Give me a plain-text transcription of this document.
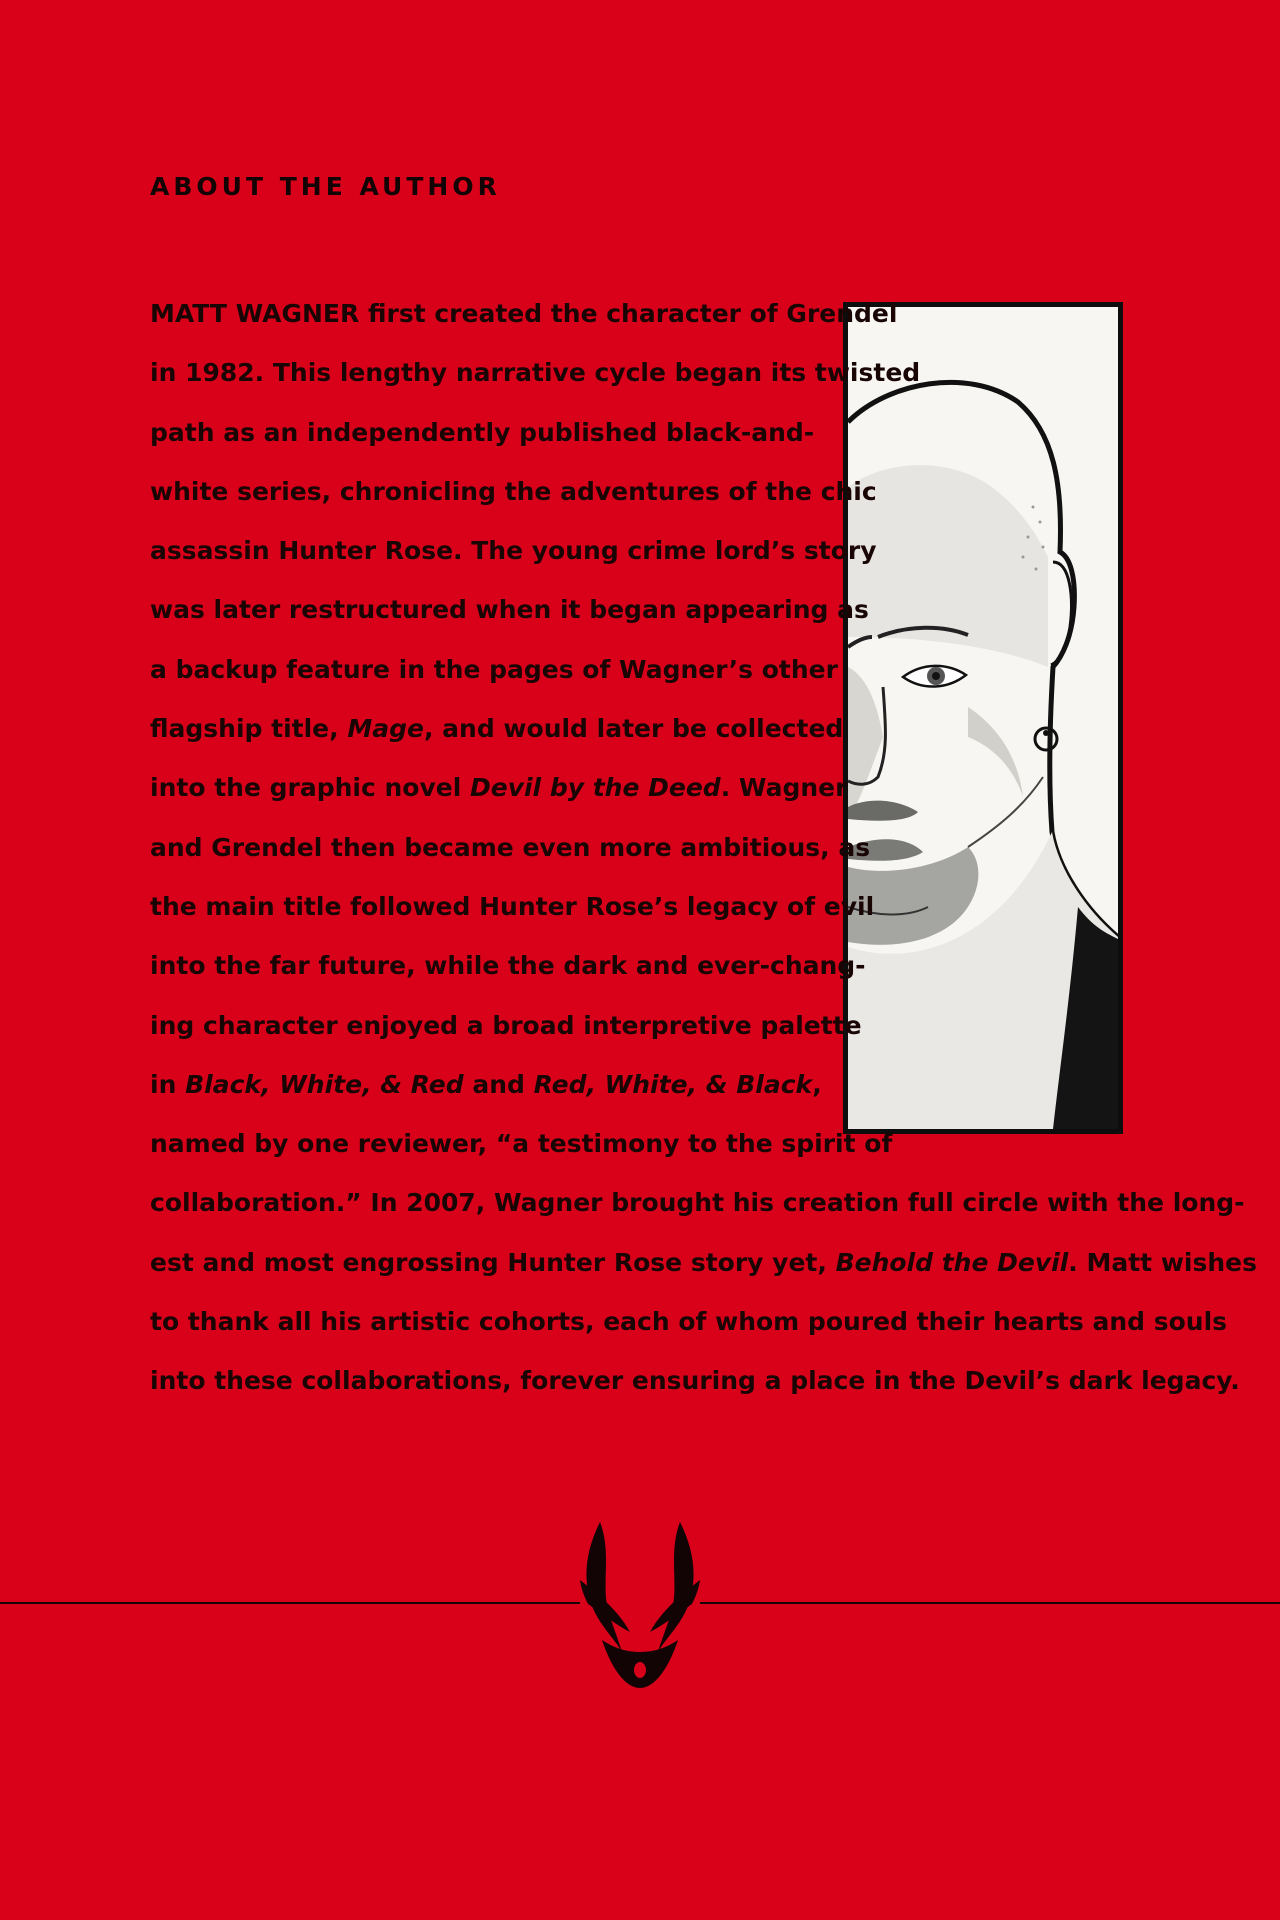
ABOUT THE AUTHOR

MATT WAGNER first created the character of Grendel
in 1982. This lengthy narrative cycle began its twisted
path as an independently published black-and-
white series, chronicling the adventures of the chic
assassin Hunter Rose. The young crime lord’s story
was later restructured when it began appearing as
a backup feature in the pages of Wagner’s other
flagship title, Mage, and would later be collected
into the graphic novel Devil by the Deed. Wagner
and Grendel then became even more ambitious, as
the main title followed Hunter Rose’s legacy of evil
into the far future, while the dark and ever-chang-
ing character enjoyed a broad interpretive palette
in Black, White, & Red and Red, White, & Black,
named by one reviewer, “a testimony to the spirit of
collaboration.” In 2007, Wagner brought his creation full circle with the long-
est and most engrossing Hunter Rose story yet, Behold the Devil. Matt wishes
to thank all his artistic cohorts, each of whom poured their hearts and souls
into these collaborations, forever ensuring a place in the Devil’s dark legacy.
